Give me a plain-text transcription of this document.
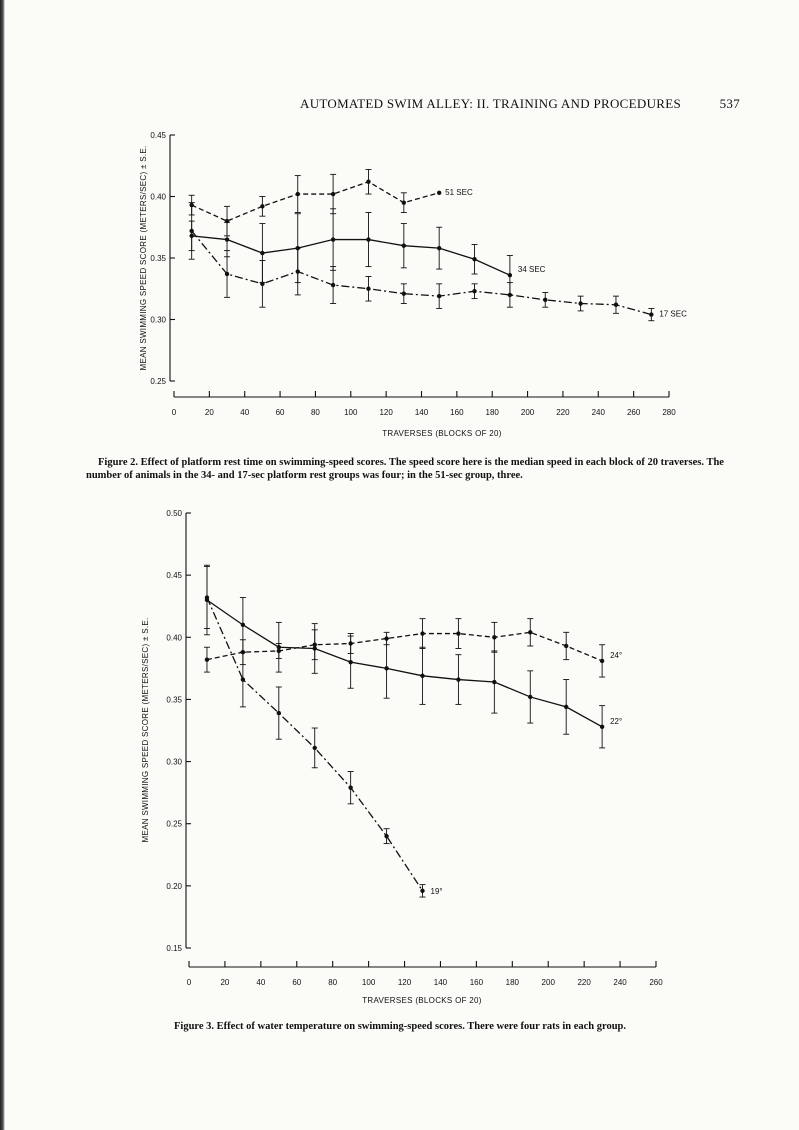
AUTOMATED SWIM ALLEY: II. TRAINING AND PROCEDURES	537
0.25
0.30
0.35
0.40
0.45
0	20	40	60	80	100	120	140	160	180	200	220	240	260	280
TRAVERSES (BLOCKS OF 20)
MEAN SWIMMING SPEED SCORE (METERS/SEC) ± S.E.	51 SEC
34 SEC
17 SEC
0.15
0.20
0.25
0.30
0.35
0.40
0.45
0.50
0	20	40	60	80	100	120	140	160	180	200	220	240	260
TRAVERSES (BLOCKS OF 20)
MEAN SWIMMING SPEED SCORE (METERS/SEC) ± S.E.	24°
22°
19°
Figure 2. Effect of platform rest time on swimming-speed scores. The speed score here is the median speed in each block of 20 traverses. The number of animals in the 34- and 17-sec platform rest groups was four; in the 51-sec group, three.
Figure 3. Effect of water temperature on swimming-speed scores. There were four rats in each group.
